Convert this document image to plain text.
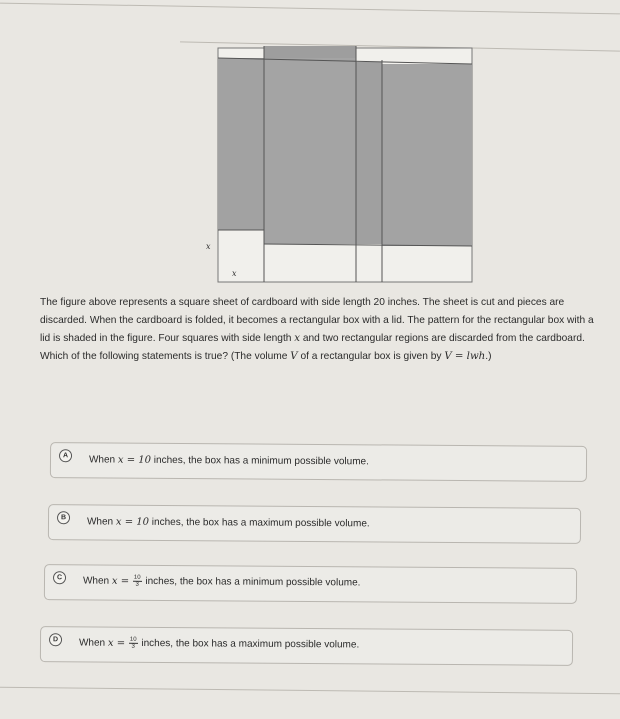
x
x
The figure above represents a square sheet of cardboard with side length 20 inches. The sheet is cut and pieces are discarded. When the cardboard is folded, it becomes a rectangular box with a lid. The pattern for the rectangular box with a lid is shaded in the figure. Four squares with side length x and two rectangular regions are discarded from the cardboard. Which of the following statements is true? (The volume V of a rectangular box is given by V = lwh.)
A	When x = 10 inches, the box has a minimum possible volume.
B	When x = 10 inches, the box has a maximum possible volume.
C	When $x = \frac{10}{3}$ inches, the box has a minimum possible volume.
D	When $x = \frac{10}{3}$ inches, the box has a maximum possible volume.
